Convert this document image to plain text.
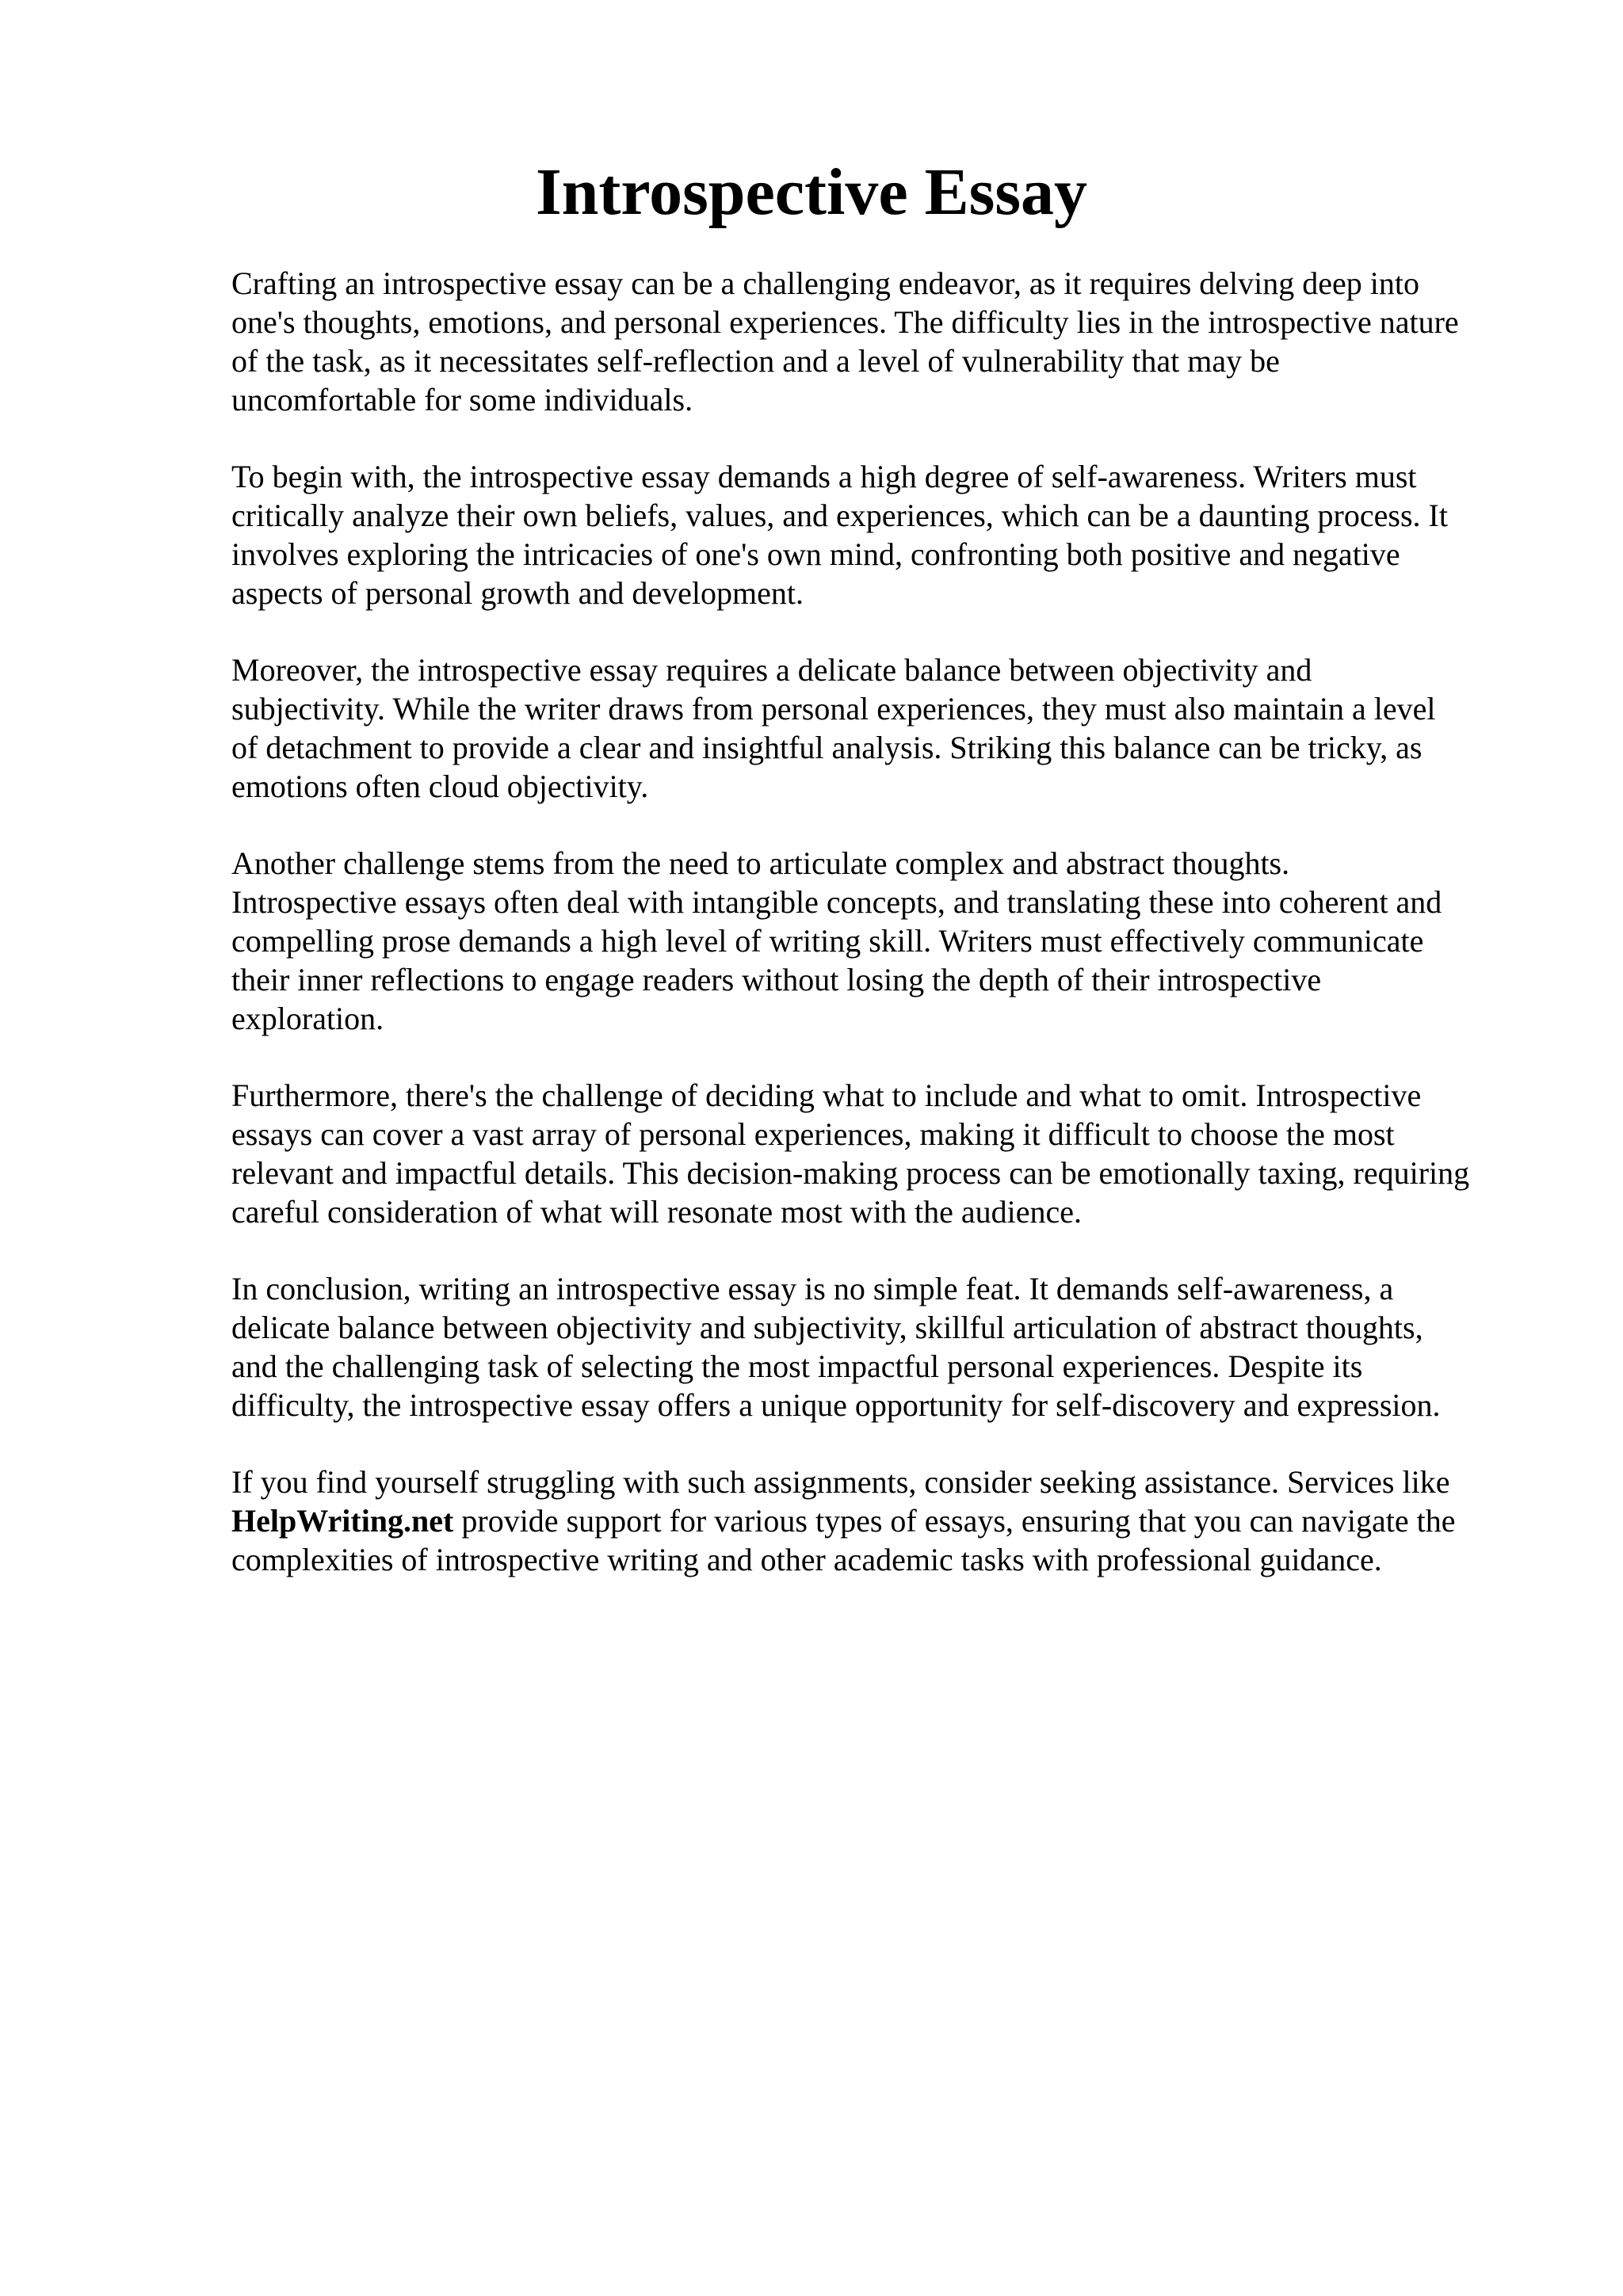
Introspective Essay

Crafting an introspective essay can be a challenging endeavor, as it requires delving deep into
one's thoughts, emotions, and personal experiences. The difficulty lies in the introspective nature
of the task, as it necessitates self-reflection and a level of vulnerability that may be
uncomfortable for some individuals.

To begin with, the introspective essay demands a high degree of self-awareness. Writers must
critically analyze their own beliefs, values, and experiences, which can be a daunting process. It
involves exploring the intricacies of one's own mind, confronting both positive and negative
aspects of personal growth and development.

Moreover, the introspective essay requires a delicate balance between objectivity and
subjectivity. While the writer draws from personal experiences, they must also maintain a level
of detachment to provide a clear and insightful analysis. Striking this balance can be tricky, as
emotions often cloud objectivity.

Another challenge stems from the need to articulate complex and abstract thoughts.
Introspective essays often deal with intangible concepts, and translating these into coherent and
compelling prose demands a high level of writing skill. Writers must effectively communicate
their inner reflections to engage readers without losing the depth of their introspective
exploration.

Furthermore, there's the challenge of deciding what to include and what to omit. Introspective
essays can cover a vast array of personal experiences, making it difficult to choose the most
relevant and impactful details. This decision-making process can be emotionally taxing, requiring
careful consideration of what will resonate most with the audience.

In conclusion, writing an introspective essay is no simple feat. It demands self-awareness, a
delicate balance between objectivity and subjectivity, skillful articulation of abstract thoughts,
and the challenging task of selecting the most impactful personal experiences. Despite its
difficulty, the introspective essay offers a unique opportunity for self-discovery and expression.

If you find yourself struggling with such assignments, consider seeking assistance. Services like
HelpWriting.net provide support for various types of essays, ensuring that you can navigate the
complexities of introspective writing and other academic tasks with professional guidance.
